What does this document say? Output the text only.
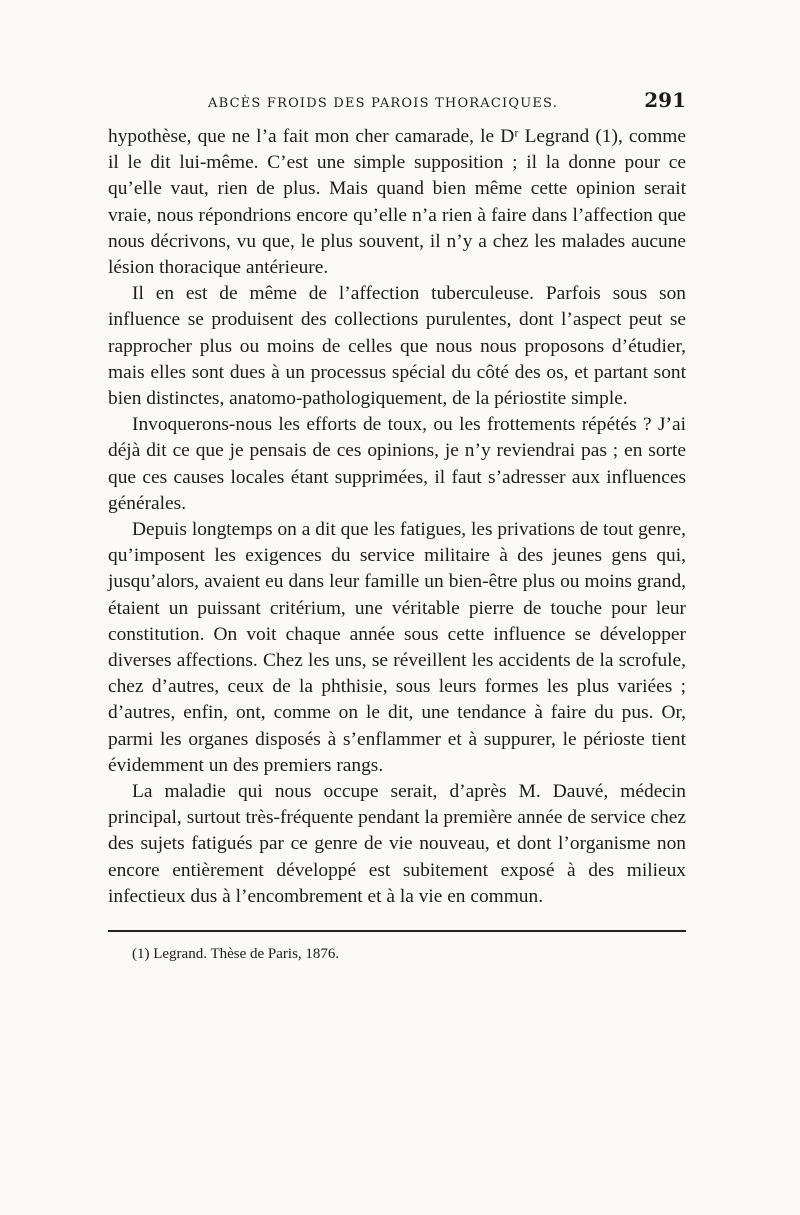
ABCÈS FROIDS DES PAROIS THORACIQUES.	291

hypothèse, que ne l’a fait mon cher camarade, le Dʳ Legrand (1), comme il le dit lui-même. C’est une simple supposition ; il la donne pour ce qu’elle vaut, rien de plus. Mais quand bien même cette opinion serait vraie, nous répondrions encore qu’elle n’a rien à faire dans l’affection que nous décrivons, vu que, le plus souvent, il n’y a chez les malades aucune lésion thoracique antérieure.

Il en est de même de l’affection tuberculeuse. Parfois sous son influence se produisent des collections purulentes, dont l’aspect peut se rapprocher plus ou moins de celles que nous nous proposons d’étudier, mais elles sont dues à un processus spécial du côté des os, et partant sont bien distinctes, anatomo-pathologiquement, de la périostite simple.

Invoquerons-nous les efforts de toux, ou les frottements répétés ? J’ai déjà dit ce que je pensais de ces opinions, je n’y reviendrai pas ; en sorte que ces causes locales étant supprimées, il faut s’adresser aux influences générales.

Depuis longtemps on a dit que les fatigues, les privations de tout genre, qu’imposent les exigences du service militaire à des jeunes gens qui, jusqu’alors, avaient eu dans leur famille un bien-être plus ou moins grand, étaient un puissant critérium, une véritable pierre de touche pour leur constitution. On voit chaque année sous cette influence se développer diverses affections. Chez les uns, se réveillent les accidents de la scrofule, chez d’autres, ceux de la phthisie, sous leurs formes les plus variées ; d’autres, enfin, ont, comme on le dit, une tendance à faire du pus. Or, parmi les organes disposés à s’enflammer et à suppurer, le périoste tient évidemment un des premiers rangs.

La maladie qui nous occupe serait, d’après M. Dauvé, médecin principal, surtout très-fréquente pendant la première année de service chez des sujets fatigués par ce genre de vie nouveau, et dont l’organisme non encore entièrement développé est subitement exposé à des milieux infectieux dus à l’encombrement et à la vie en commun.

(1) Legrand. Thèse de Paris, 1876.
